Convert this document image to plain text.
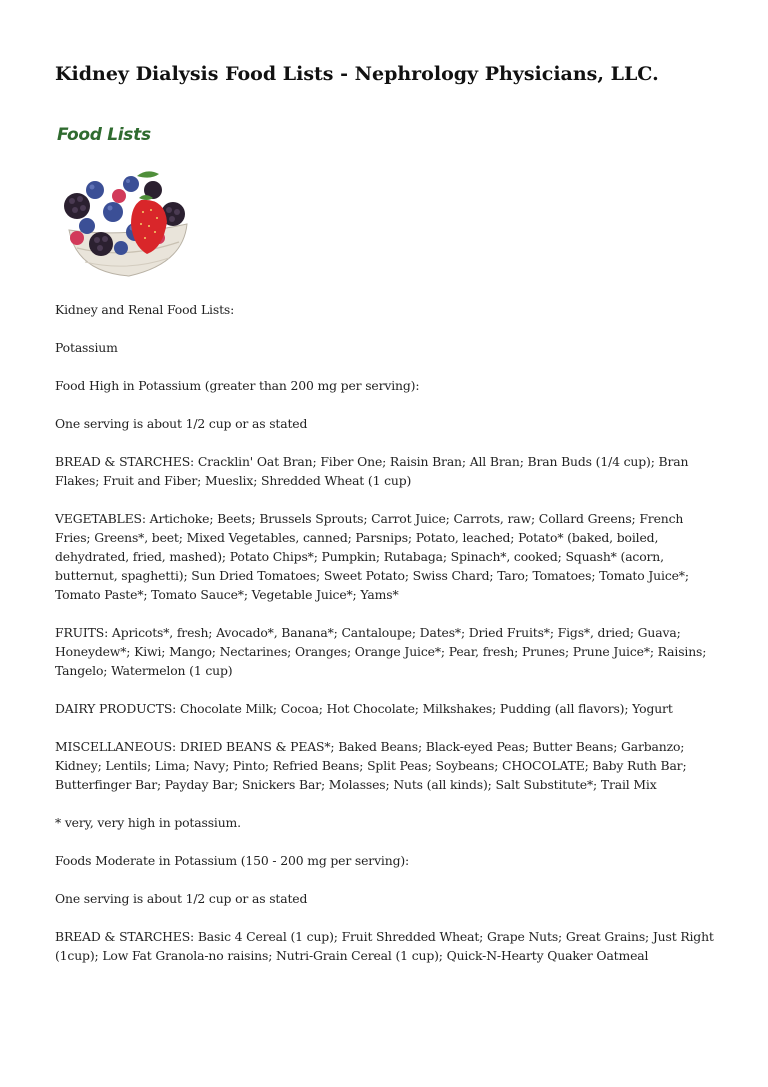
Kidney Dialysis Food Lists - Nephrology Physicians, LLC.
Food Lists

Kidney and Renal Food Lists:

Potassium

Food High in Potassium (greater than 200 mg per serving):

One serving is about 1/2 cup or as stated

BREAD & STARCHES: Cracklin' Oat Bran; Fiber One; Raisin Bran; All Bran; Bran Buds (1/4 cup); Bran Flakes; Fruit and Fiber; Mueslix; Shredded Wheat (1 cup)

VEGETABLES: Artichoke; Beets; Brussels Sprouts; Carrot Juice; Carrots, raw; Collard Greens; French Fries; Greens*, beet; Mixed Vegetables, canned; Parsnips; Potato, leached; Potato* (baked, boiled, dehydrated, fried, mashed); Potato Chips*; Pumpkin; Rutabaga; Spinach*, cooked; Squash* (acorn, butternut, spaghetti); Sun Dried Tomatoes; Sweet Potato; Swiss Chard; Taro; Tomatoes; Tomato Juice*; Tomato Paste*; Tomato Sauce*; Vegetable Juice*; Yams*

FRUITS: Apricots*, fresh; Avocado*, Banana*; Cantaloupe; Dates*; Dried Fruits*; Figs*, dried; Guava; Honeydew*; Kiwi; Mango; Nectarines; Oranges; Orange Juice*; Pear, fresh; Prunes; Prune Juice*; Raisins; Tangelo; Watermelon (1 cup)

DAIRY PRODUCTS: Chocolate Milk; Cocoa; Hot Chocolate; Milkshakes; Pudding (all flavors); Yogurt

MISCELLANEOUS: DRIED BEANS & PEAS*; Baked Beans; Black-eyed Peas; Butter Beans; Garbanzo; Kidney; Lentils; Lima; Navy; Pinto; Refried Beans; Split Peas; Soybeans; CHOCOLATE; Baby Ruth Bar; Butterfinger Bar; Payday Bar; Snickers Bar; Molasses; Nuts (all kinds); Salt Substitute*; Trail Mix

* very, very high in potassium.

Foods Moderate in Potassium (150 - 200 mg per serving):

One serving is about 1/2 cup or as stated

BREAD & STARCHES: Basic 4 Cereal (1 cup); Fruit Shredded Wheat; Grape Nuts; Great Grains; Just Right (1cup); Low Fat Granola-no raisins; Nutri-Grain Cereal (1 cup); Quick-N-Hearty Quaker Oatmeal
